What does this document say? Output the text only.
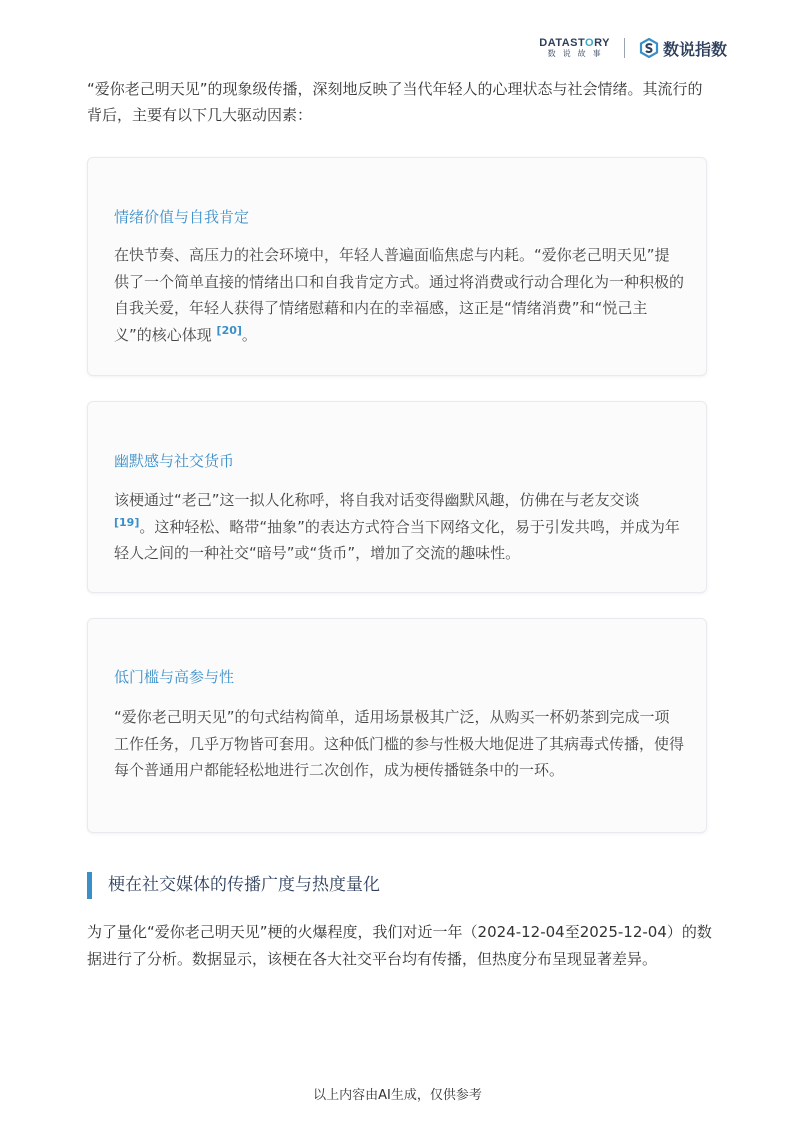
DATASTORY
数说故事	数说指数
“爱你老己明天见”的现象级传播，深刻地反映了当代年轻人的心理状态与社会情绪。其流行的背后，主要有以下几大驱动因素：
情绪价值与自我肯定
在快节奏、高压力的社会环境中，年轻人普遍面临焦虑与内耗。“爱你老己明天见”提供了一个简单直接的情绪出口和自我肯定方式。通过将消费或行动合理化为一种积极的自我关爱，年轻人获得了情绪慰藉和内在的幸福感，这正是“情绪消费”和“悦己主义”的核心体现 [20]。
幽默感与社交货币
该梗通过“老己”这一拟人化称呼，将自我对话变得幽默风趣，仿佛在与老友交谈 [19]。这种轻松、略带“抽象”的表达方式符合当下网络文化，易于引发共鸣，并成为年轻人之间的一种社交“暗号”或“货币”，增加了交流的趣味性。
低门槛与高参与性
“爱你老己明天见”的句式结构简单，适用场景极其广泛，从购买一杯奶茶到完成一项工作任务，几乎万物皆可套用。这种低门槛的参与性极大地促进了其病毒式传播，使得每个普通用户都能轻松地进行二次创作，成为梗传播链条中的一环。
梗在社交媒体的传播广度与热度量化
为了量化“爱你老己明天见”梗的火爆程度，我们对近一年（2024-12-04至2025-12-04）的数据进行了分析。数据显示，该梗在各大社交平台均有传播，但热度分布呈现显著差异。
以上内容由AI生成，仅供参考
